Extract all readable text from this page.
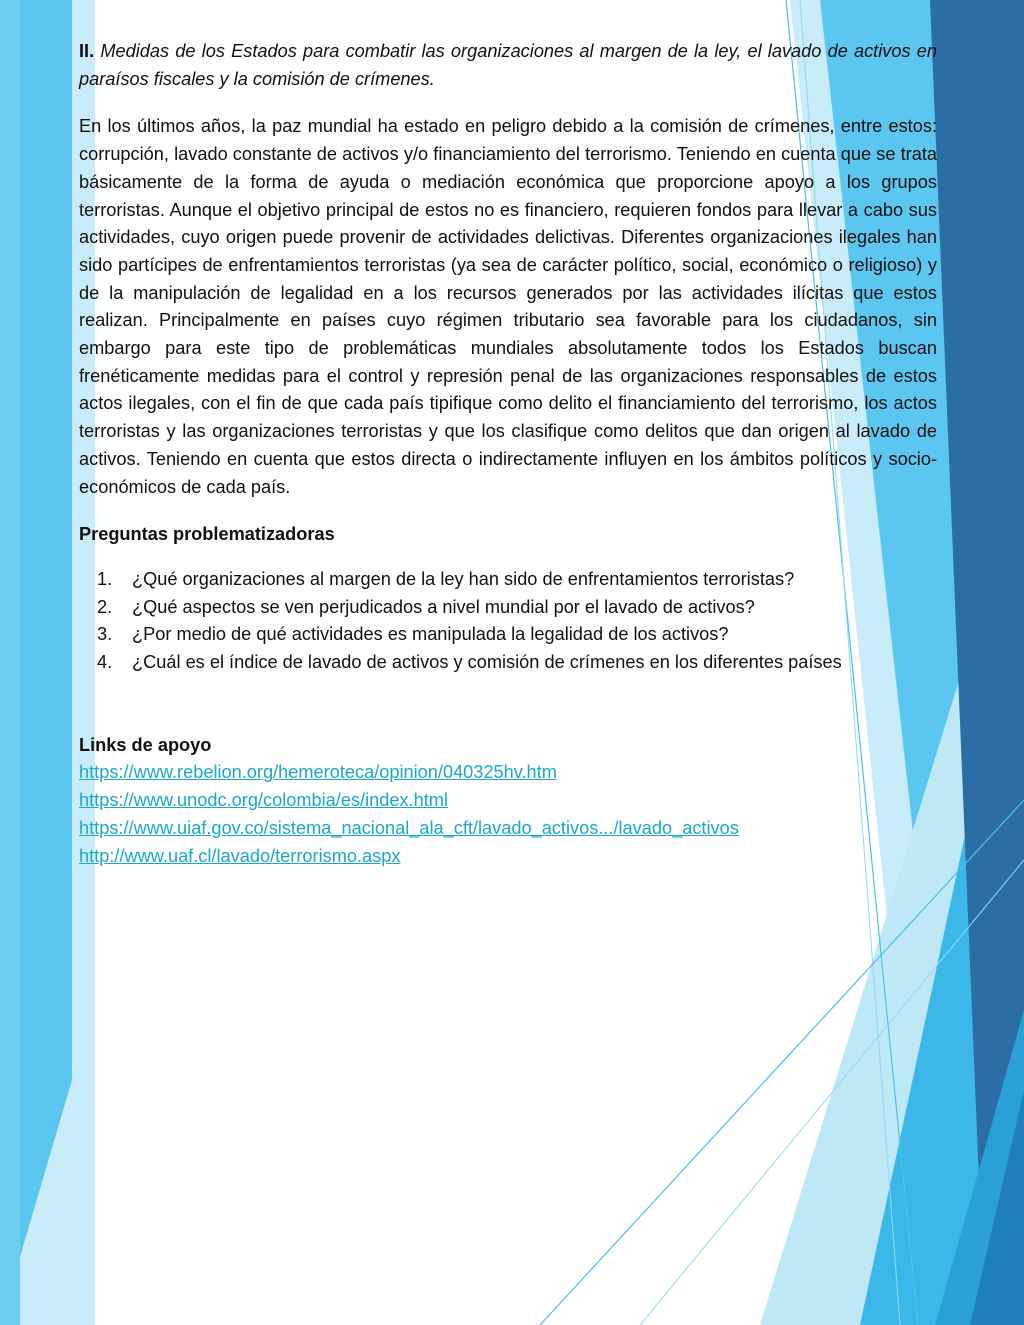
II. Medidas de los Estados para combatir las organizaciones al margen de la ley, el lavado de activos en paraísos fiscales y la comisión de crímenes.

En los últimos años, la paz mundial ha estado en peligro debido a la comisión de crímenes, entre estos: corrupción, lavado constante de activos y/o financiamiento del terrorismo. Teniendo en cuenta que se trata básicamente de la forma de ayuda o mediación económica que proporcione apoyo a los grupos terroristas. Aunque el objetivo principal de estos no es financiero, requieren fondos para llevar a cabo sus actividades, cuyo origen puede provenir de actividades delictivas. Diferentes organizaciones ilegales han sido partícipes de enfrentamientos terroristas (ya sea de carácter político, social, económico o religioso) y de la manipulación de legalidad en a los recursos generados por las actividades ilícitas que estos realizan. Principalmente en países cuyo régimen tributario sea favorable para los ciudadanos, sin embargo para este tipo de problemáticas mundiales absolutamente todos los Estados buscan frenéticamente medidas para el control y represión penal de las organizaciones responsables de estos actos ilegales, con el fin de que cada país tipifique como delito el financiamiento del terrorismo, los actos terroristas y las organizaciones terroristas y que los clasifique como delitos que dan origen al lavado de activos. Teniendo en cuenta que estos directa o indirectamente influyen en los ámbitos políticos y socio-económicos de cada país.

Preguntas problematizadoras

1.	¿Qué organizaciones al margen de la ley han sido de enfrentamientos terroristas?
2.	¿Qué aspectos se ven perjudicados a nivel mundial por el lavado de activos?
3.	¿Por medio de qué actividades es manipulada la legalidad de los activos?
4.	¿Cuál es el índice de lavado de activos y comisión de crímenes en los diferentes países

Links de apoyo

https://www.rebelion.org/hemeroteca/opinion/040325hv.htm
https://www.unodc.org/colombia/es/index.html
https://www.uiaf.gov.co/sistema_nacional_ala_cft/lavado_activos.../lavado_activos
http://www.uaf.cl/lavado/terrorismo.aspx
